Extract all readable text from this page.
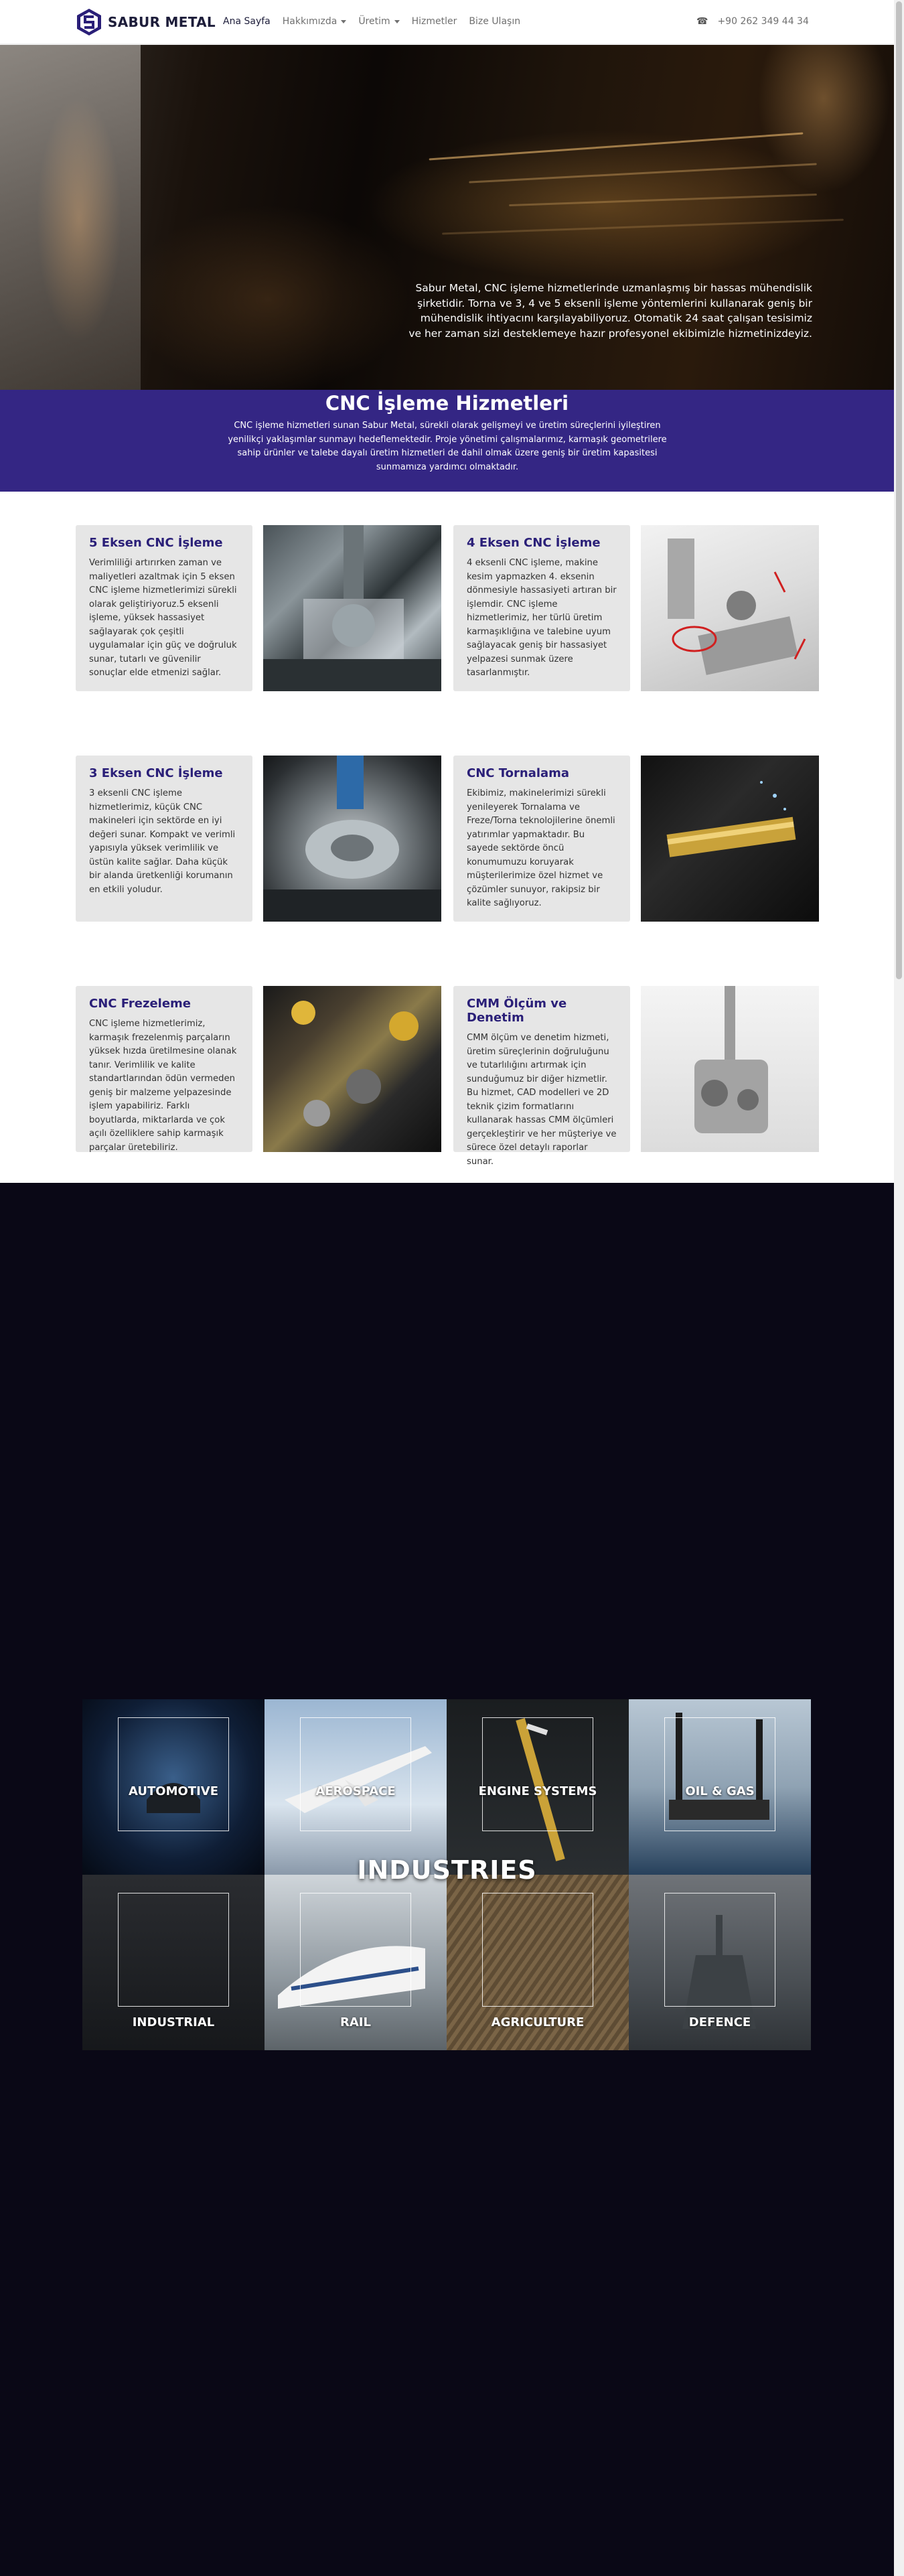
SABUR METAL Ana Sayfa Hakkımızda Üretim Hizmetler Bize Ulaşın	☎ +90 262 349 44 34
Sabur Metal, CNC işleme hizmetlerinde uzmanlaşmış bir hassas mühendislik şirketidir. Torna ve 3, 4 ve 5 eksenli işleme yöntemlerini kullanarak geniş bir mühendislik ihtiyacını karşılayabiliyoruz. Otomatik 24 saat çalışan tesisimiz ve her zaman sizi desteklemeye hazır profesyonel ekibimizle hizmetinizdeyiz.
CNC İşleme Hizmetleri
CNC işleme hizmetleri sunan Sabur Metal, sürekli olarak gelişmeyi ve üretim süreçlerini iyileştiren yenilikçi yaklaşımlar sunmayı hedeflemektedir. Proje yönetimi çalışmalarımız, karmaşık geometrilere sahip ürünler ve talebe dayalı üretim hizmetleri de dahil olmak üzere geniş bir üretim kapasitesi sunmamıza yardımcı olmaktadır.
5 Eksen CNC İşleme

Verimliliği artırırken zaman ve maliyetleri azaltmak için 5 eksen CNC işleme hizmetlerimizi sürekli olarak geliştiriyoruz.5 eksenli işleme, yüksek hassasiyet sağlayarak çok çeşitli uygulamalar için güç ve doğruluk sunar, tutarlı ve güvenilir sonuçlar elde etmenizi sağlar.

4 Eksen CNC İşleme

4 eksenli CNC işleme, makine kesim yapmazken 4. eksenin dönmesiyle hassasiyeti artıran bir işlemdir. CNC işleme hizmetlerimiz, her türlü üretim karmaşıklığına ve talebine uyum sağlayacak geniş bir hassasiyet yelpazesi sunmak üzere tasarlanmıştır.

3 Eksen CNC İşleme

3 eksenli CNC işleme hizmetlerimiz, küçük CNC makineleri için sektörde en iyi değeri sunar. Kompakt ve verimli yapısıyla yüksek verimlilik ve üstün kalite sağlar. Daha küçük bir alanda üretkenliği korumanın en etkili yoludur.

CNC Tornalama

Ekibimiz, makinelerimizi sürekli yenileyerek Tornalama ve Freze/Torna teknolojilerine önemli yatırımlar yapmaktadır. Bu sayede sektörde öncü konumumuzu koruyarak müşterilerimize özel hizmet ve çözümler sunuyor, rakipsiz bir kalite sağlıyoruz.

CNC Frezeleme

CNC işleme hizmetlerimiz, karmaşık frezelenmiş parçaların yüksek hızda üretilmesine olanak tanır. Verimlilik ve kalite standartlarından ödün vermeden geniş bir malzeme yelpazesinde işlem yapabiliriz. Farklı boyutlarda, miktarlarda ve çok açılı özelliklere sahip karmaşık parçalar üretebiliriz.

CMM Ölçüm ve Denetim

CMM ölçüm ve denetim hizmeti, üretim süreçlerinin doğruluğunu ve tutarlılığını artırmak için sunduğumuz bir diğer hizmetlir. Bu hizmet, CAD modelleri ve 2D teknik çizim formatlarını kullanarak hassas CMM ölçümleri gerçekleştirir ve her müşteriye ve sürece özel detaylı raporlar sunar.

AUTOMOTIVE	AEROSPACE	ENGINE SYSTEMS	OIL & GAS
INDUSTRIAL	RAIL	AGRICULTURE	DEFENCE
INDUSTRIES
